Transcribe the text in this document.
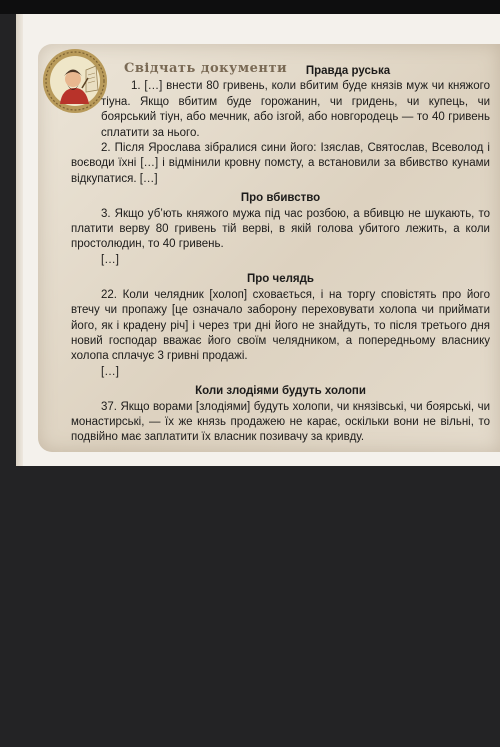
Свідчать документи	Правда руська

1. […] внести 80 гривень, коли вбитим буде князів муж чи княжого тіуна. Якщо вбитим буде горожанин, чи гридень, чи купець, чи боярський тіун, або мечник, або ізгой, або новгородець — то 40 гривень сплатити за нього.

2. Після Ярослава зібралися сини його: Ізяслав, Святослав, Всеволод і воєводи їхні […] і відмінили кровну помсту, а встановили за вбивство кунами відкупатися. […]

Про вбивство

3. Якщо уб’ють княжого мужа під час розбою, а вбивцю не шукають, то платити верву 80 гривень тій верві, в якій голова убитого лежить, а коли простолюдин, то 40 гривень.

[…]
Про челядь

22. Коли челядник [холоп] сховається, і на торгу сповістять про його втечу чи пропажу [це означало заборону переховувати холопа чи приймати його, як і крадену річ] і через три дні його не знайдуть, то після третього дня новий господар вважає його своїм челядником, а попередньому власнику холопа сплачує 3 гривні продажі.

[…]
Коли злодіями будуть холопи

37. Якщо ворами [злодіями] будуть холопи, чи князівські, чи боярські, чи монастирські, — їх же князь продажею не карає, оскільки вони не вільні, то подвійно має заплатити їх власник позивачу за кривду.
